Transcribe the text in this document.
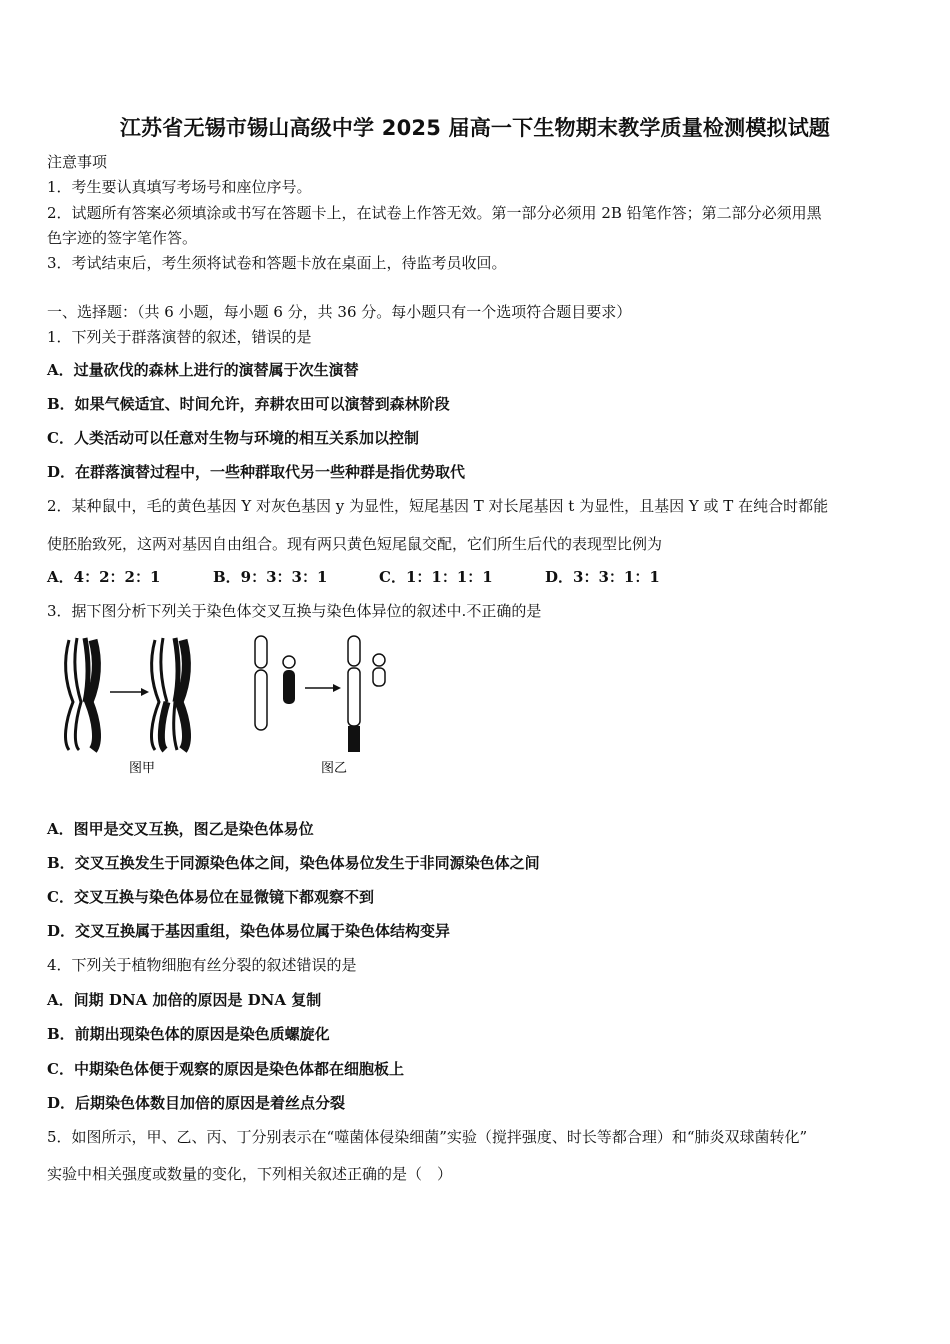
江苏省无锡市锡山高级中学 2025 届高一下生物期末教学质量检测模拟试题
注意事项
1．考生要认真填写考场号和座位序号。
2．试题所有答案必须填涂或书写在答题卡上，在试卷上作答无效。第一部分必须用 2B 铅笔作答；第二部分必须用黑
色字迹的签字笔作答。
3．考试结束后，考生须将试卷和答题卡放在桌面上，待监考员收回。
一、选择题：（共 6 小题，每小题 6 分，共 36 分。每小题只有一个选项符合题目要求）
1．下列关于群落演替的叙述，错误的是
A．过量砍伐的森林上进行的演替属于次生演替
B．如果气候适宜、时间允许，弃耕农田可以演替到森林阶段
C．人类活动可以任意对生物与环境的相互关系加以控制
D．在群落演替过程中，一些种群取代另一些种群是指优势取代
2．某种鼠中，毛的黄色基因 Y 对灰色基因 y 为显性，短尾基因 T 对长尾基因 t 为显性，且基因 Y 或 T 在纯合时都能
使胚胎致死，这两对基因自由组合。现有两只黄色短尾鼠交配，它们所生后代的表现型比例为
A．4：2：2：1	B．9：3：3：1	C．1：1：1：1	D．3：3：1：1
3．据下图分析下列关于染色体交叉互换与染色体异位的叙述中.不正确的是
图甲	图乙
A．图甲是交叉互换，图乙是染色体易位
B．交叉互换发生于同源染色体之间，染色体易位发生于非同源染色体之间
C．交叉互换与染色体易位在显微镜下都观察不到
D．交叉互换属于基因重组，染色体易位属于染色体结构变异
4．下列关于植物细胞有丝分裂的叙述错误的是
A．间期 DNA 加倍的原因是 DNA 复制
B．前期出现染色体的原因是染色质螺旋化
C．中期染色体便于观察的原因是染色体都在细胞板上
D．后期染色体数目加倍的原因是着丝点分裂
5．如图所示，甲、乙、丙、丁分别表示在“噬菌体侵染细菌”实验（搅拌强度、时长等都合理）和“肺炎双球菌转化”
实验中相关强度或数量的变化，下列相关叙述正确的是（　）
